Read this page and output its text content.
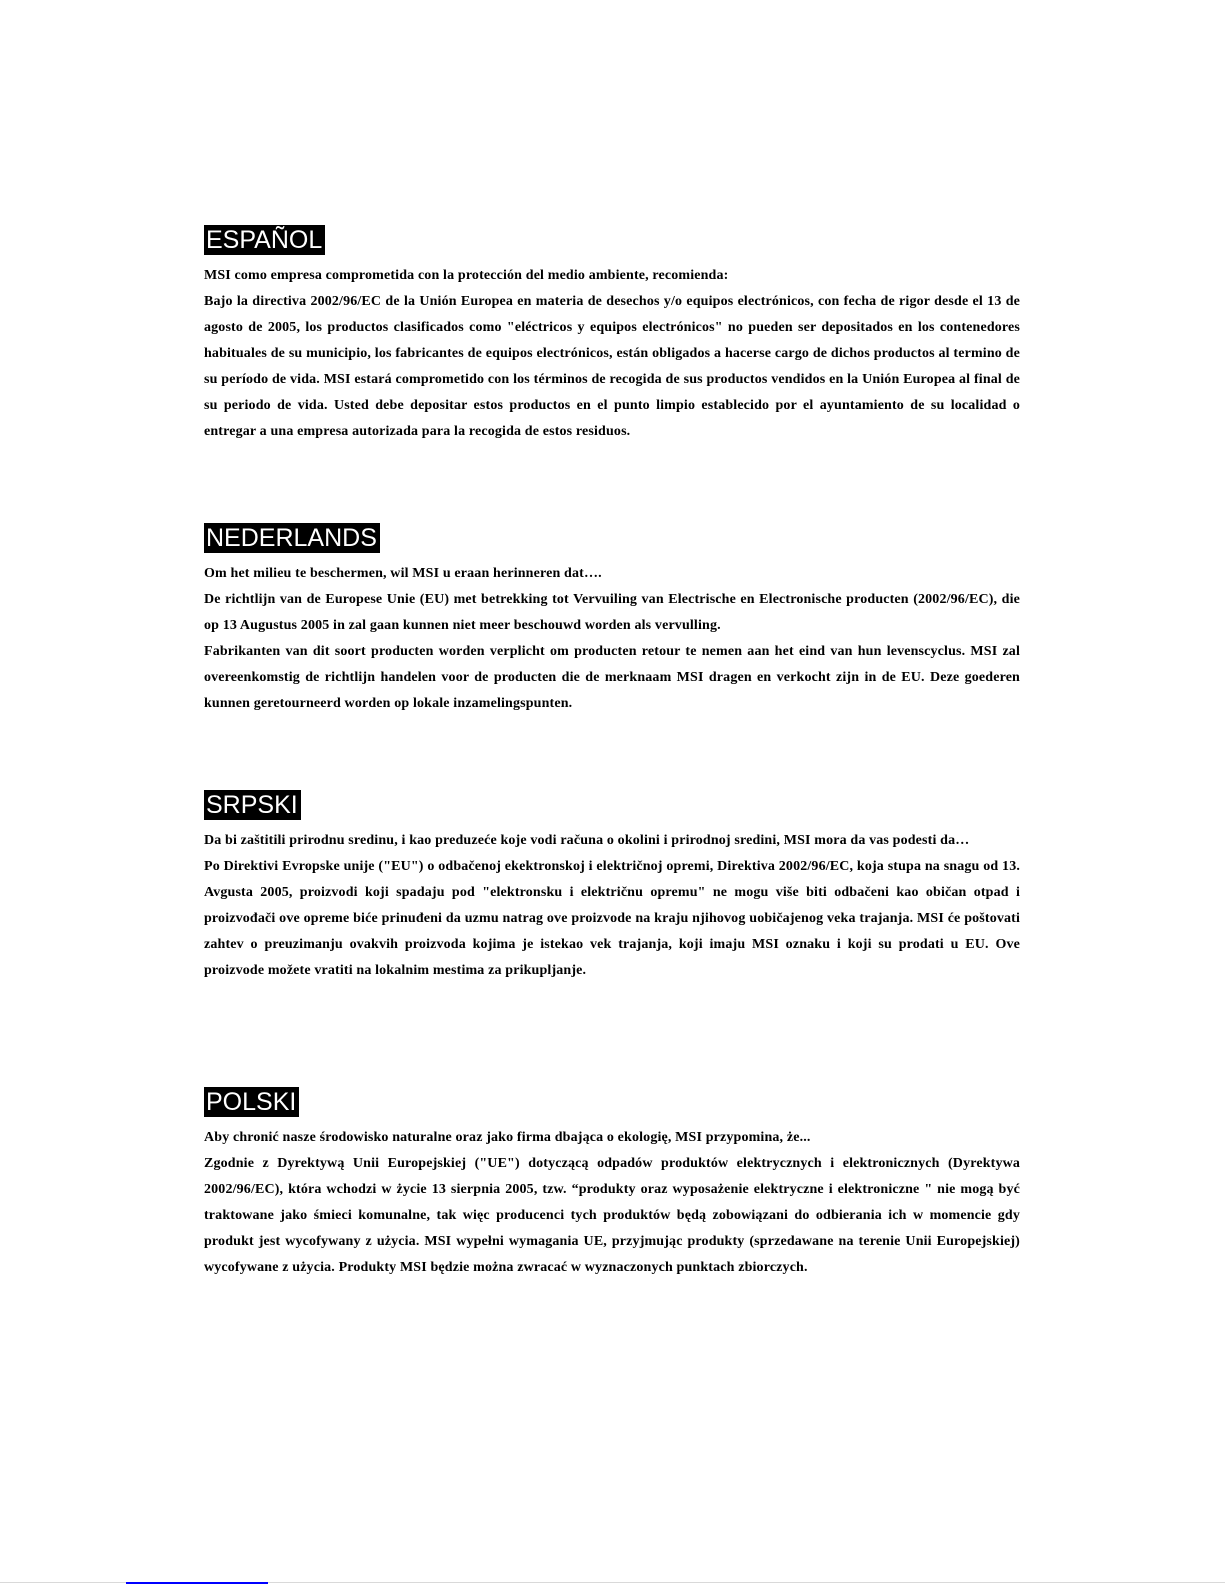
ESPAÑOL

MSI como empresa comprometida con la protección del medio ambiente, recomienda:

Bajo la directiva 2002/96/EC de la Unión Europea en materia de desechos y/o equipos electrónicos, con fecha de rigor desde el 13 de agosto de 2005, los productos clasificados como "eléctricos y equipos electrónicos" no pueden ser depositados en los contenedores habituales de su municipio, los fabricantes de equipos electrónicos, están obligados a hacerse cargo de dichos productos al termino de su período de vida. MSI estará comprometido con los términos de recogida de sus productos vendidos en la Unión Europea al final de su periodo de vida. Usted debe depositar estos productos en el punto limpio establecido por el ayuntamiento de su localidad o entregar a una empresa autorizada para la recogida de estos residuos.

NEDERLANDS

Om het milieu te beschermen, wil MSI u eraan herinneren dat….

De richtlijn van de Europese Unie (EU) met betrekking tot Vervuiling van Electrische en Electronische producten (2002/96/EC), die op 13 Augustus 2005 in zal gaan kunnen niet meer beschouwd worden als vervulling.

Fabrikanten van dit soort producten worden verplicht om producten retour te nemen aan het eind van hun levenscyclus. MSI zal overeenkomstig de richtlijn handelen voor de producten die de merknaam MSI dragen en verkocht zijn in de EU. Deze goederen kunnen geretourneerd worden op lokale inzamelingspunten.

SRPSKI

Da bi zaštitili prirodnu sredinu, i kao preduzeće koje vodi računa o okolini i prirodnoj sredini, MSI mora da vas podesti da…

Po Direktivi Evropske unije ("EU") o odbačenoj ekektronskoj i električnoj opremi, Direktiva 2002/96/EC, koja stupa na snagu od 13. Avgusta 2005, proizvodi koji spadaju pod "elektronsku i električnu opremu" ne mogu više biti odbačeni kao običan otpad i proizvođači ove opreme biće prinuđeni da uzmu natrag ove proizvode na kraju njihovog uobičajenog veka trajanja. MSI će poštovati zahtev o preuzimanju ovakvih proizvoda kojima je istekao vek trajanja, koji imaju MSI oznaku i koji su prodati u EU. Ove proizvode možete vratiti na lokalnim mestima za prikupljanje.

POLSKI

Aby chronić nasze środowisko naturalne oraz jako firma dbająca o ekologię, MSI przypomina, że...

Zgodnie z Dyrektywą Unii Europejskiej ("UE") dotyczącą odpadów produktów elektrycznych i elektronicznych (Dyrektywa 2002/96/EC), która wchodzi w życie 13 sierpnia 2005, tzw. “produkty oraz wyposażenie elektryczne i elektroniczne " nie mogą być traktowane jako śmieci komunalne, tak więc producenci tych produktów będą zobowiązani do odbierania ich w momencie gdy produkt jest wycofywany z użycia. MSI wypełni wymagania UE, przyjmując produkty (sprzedawane na terenie Unii Europejskiej) wycofywane z użycia. Produkty MSI będzie można zwracać w wyznaczonych punktach zbiorczych.
